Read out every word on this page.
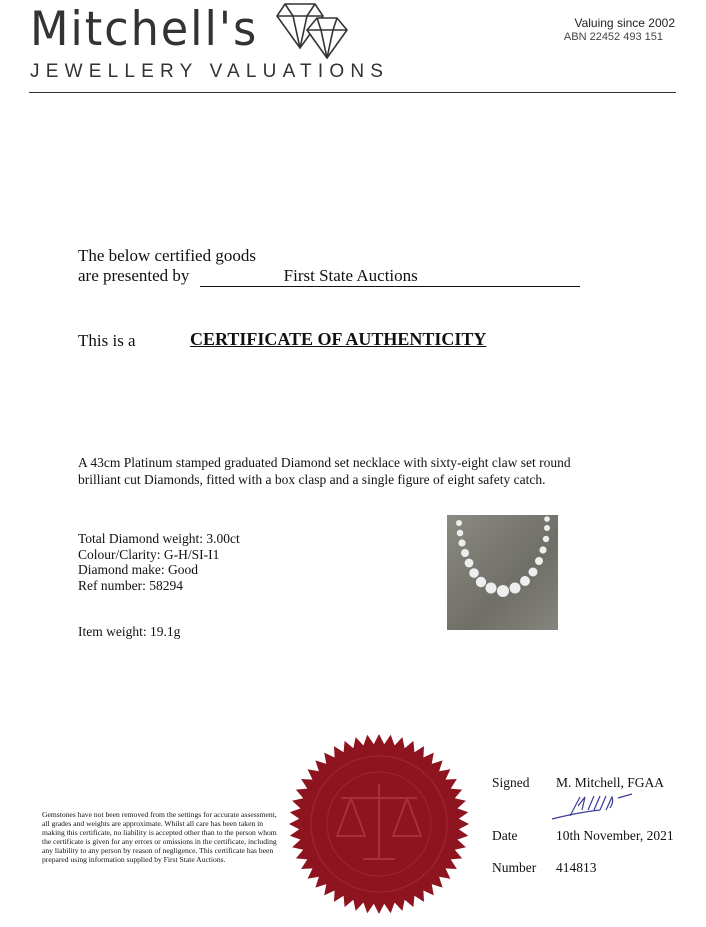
Mitchell's
JEWELLERY VALUATIONS
Valuing since 2002
ABN 22452 493 151
The below certified goods
are presented by	First State Auctions
This is a	CERTIFICATE OF AUTHENTICITY
A 43cm Platinum stamped graduated Diamond set necklace with sixty-eight claw set round brilliant cut Diamonds, fitted with a box clasp and a single figure of eight safety catch.
Total Diamond weight: 3.00ct
Colour/Clarity: G-H/SI-I1
Diamond make: Good
Ref number: 58294
Item weight: 19.1g
Gemstones have not been removed from the settings for accurate assessment, all grades and weights are approximate. Whilst all care has been taken in making this certificate, no liability is accepted other than to the person whom the certificate is given for any errors or omissions in the certificate, including any liability to any person by reason of negligence. This certificate has been prepared using information supplied by First State Auctions.
Signed M. Mitchell, FGAA
Date	10th November, 2021
Number 414813
